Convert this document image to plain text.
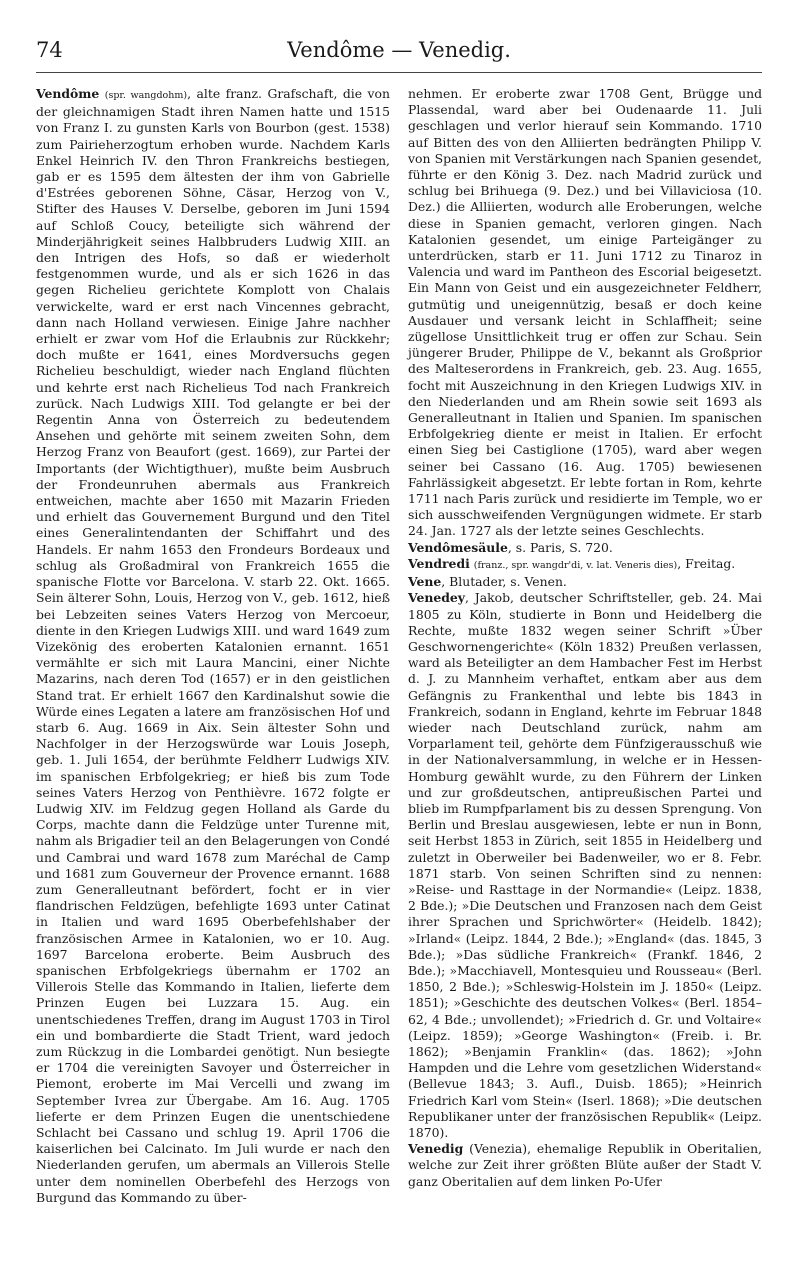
74	Vendôme — Venedig.

Vendôme (spr. wangdohm), alte franz. Grafschaft, die von der gleichnamigen Stadt ihren Namen hatte und 1515 von Franz I. zu gunsten Karls von Bourbon (gest. 1538) zum Pairieherzogtum erhoben wurde. Nachdem Karls Enkel Heinrich IV. den Thron Frankreichs bestiegen, gab er es 1595 dem ältesten der ihm von Gabrielle d'Estrées geborenen Söhne, Cäsar, Herzog von V., Stifter des Hauses V. Derselbe, geboren im Juni 1594 auf Schloß Coucy, beteiligte sich während der Minderjährigkeit seines Halbbruders Ludwig XIII. an den Intrigen des Hofs, so daß er wiederholt festgenommen wurde, und als er sich 1626 in das gegen Richelieu gerichtete Komplott von Chalais verwickelte, ward er erst nach Vincennes gebracht, dann nach Holland verwiesen. Einige Jahre nachher erhielt er zwar vom Hof die Erlaubnis zur Rückkehr; doch mußte er 1641, eines Mordversuchs gegen Richelieu beschuldigt, wieder nach England flüchten und kehrte erst nach Richelieus Tod nach Frankreich zurück. Nach Ludwigs XIII. Tod gelangte er bei der Regentin Anna von Österreich zu bedeutendem Ansehen und gehörte mit seinem zweiten Sohn, dem Herzog Franz von Beaufort (gest. 1669), zur Partei der Importants (der Wichtigthuer), mußte beim Ausbruch der Frondeunruhen abermals aus Frankreich entweichen, machte aber 1650 mit Mazarin Frieden und erhielt das Gouvernement Burgund und den Titel eines Generalintendanten der Schiffahrt und des Handels. Er nahm 1653 den Frondeurs Bordeaux und schlug als Großadmiral von Frankreich 1655 die spanische Flotte vor Barcelona. V. starb 22. Okt. 1665. Sein älterer Sohn, Louis, Herzog von V., geb. 1612, hieß bei Lebzeiten seines Vaters Herzog von Mercoeur, diente in den Kriegen Ludwigs XIII. und ward 1649 zum Vizekönig des eroberten Katalonien ernannt. 1651 vermählte er sich mit Laura Mancini, einer Nichte Mazarins, nach deren Tod (1657) er in den geistlichen Stand trat. Er erhielt 1667 den Kardinalshut sowie die Würde eines Legaten a latere am französischen Hof und starb 6. Aug. 1669 in Aix. Sein ältester Sohn und Nachfolger in der Herzogswürde war Louis Joseph, geb. 1. Juli 1654, der berühmte Feldherr Ludwigs XIV. im spanischen Erbfolgekrieg; er hieß bis zum Tode seines Vaters Herzog von Penthièvre. 1672 folgte er Ludwig XIV. im Feldzug gegen Holland als Garde du Corps, machte dann die Feldzüge unter Turenne mit, nahm als Brigadier teil an den Belagerungen von Condé und Cambrai und ward 1678 zum Maréchal de Camp und 1681 zum Gouverneur der Provence ernannt. 1688 zum Generalleutnant befördert, focht er in vier flandrischen Feldzügen, befehligte 1693 unter Catinat in Italien und ward 1695 Oberbefehlshaber der französischen Armee in Katalonien, wo er 10. Aug. 1697 Barcelona eroberte. Beim Ausbruch des spanischen Erbfolgekriegs übernahm er 1702 an Villerois Stelle das Kommando in Italien, lieferte dem Prinzen Eugen bei Luzzara 15. Aug. ein unentschiedenes Treffen, drang im August 1703 in Tirol ein und bombardierte die Stadt Trient, ward jedoch zum Rückzug in die Lombardei genötigt. Nun besiegte er 1704 die vereinigten Savoyer und Österreicher in Piemont, eroberte im Mai Vercelli und zwang im September Ivrea zur Übergabe. Am 16. Aug. 1705 lieferte er dem Prinzen Eugen die unentschiedene Schlacht bei Cassano und schlug 19. April 1706 die kaiserlichen bei Calcinato. Im Juli wurde er nach den Niederlanden gerufen, um abermals an Villerois Stelle unter dem nominellen Oberbefehl des Herzogs von Burgund das Kommando zu über-

nehmen. Er eroberte zwar 1708 Gent, Brügge und Plassendal, ward aber bei Oudenaarde 11. Juli geschlagen und verlor hierauf sein Kommando. 1710 auf Bitten des von den Alliierten bedrängten Philipp V. von Spanien mit Verstärkungen nach Spanien gesendet, führte er den König 3. Dez. nach Madrid zurück und schlug bei Brihuega (9. Dez.) und bei Villaviciosa (10. Dez.) die Alliierten, wodurch alle Eroberungen, welche diese in Spanien gemacht, verloren gingen. Nach Katalonien gesendet, um einige Parteigänger zu unterdrücken, starb er 11. Juni 1712 zu Tinaroz in Valencia und ward im Pantheon des Escorial beigesetzt. Ein Mann von Geist und ein ausgezeichneter Feldherr, gutmütig und uneigennützig, besaß er doch keine Ausdauer und versank leicht in Schlaffheit; seine zügellose Unsittlichkeit trug er offen zur Schau. Sein jüngerer Bruder, Philippe de V., bekannt als Großprior des Malteserordens in Frankreich, geb. 23. Aug. 1655, focht mit Auszeichnung in den Kriegen Ludwigs XIV. in den Niederlanden und am Rhein sowie seit 1693 als Generalleutnant in Italien und Spanien. Im spanischen Erbfolgekrieg diente er meist in Italien. Er erfocht einen Sieg bei Castiglione (1705), ward aber wegen seiner bei Cassano (16. Aug. 1705) bewiesenen Fahrlässigkeit abgesetzt. Er lebte fortan in Rom, kehrte 1711 nach Paris zurück und residierte im Temple, wo er sich ausschweifenden Vergnügungen widmete. Er starb 24. Jan. 1727 als der letzte seines Geschlechts.

Vendômesäule, s. Paris, S. 720.

Vendredi (franz., spr. wangdr'di, v. lat. Veneris dies), Freitag.

Vene, Blutader, s. Venen.

Venedey, Jakob, deutscher Schriftsteller, geb. 24. Mai 1805 zu Köln, studierte in Bonn und Heidelberg die Rechte, mußte 1832 wegen seiner Schrift »Über Geschwornengerichte« (Köln 1832) Preußen verlassen, ward als Beteiligter an dem Hambacher Fest im Herbst d. J. zu Mannheim verhaftet, entkam aber aus dem Gefängnis zu Frankenthal und lebte bis 1843 in Frankreich, sodann in England, kehrte im Februar 1848 wieder nach Deutschland zurück, nahm am Vorparlament teil, gehörte dem Fünfzigerausschuß wie in der Nationalversammlung, in welche er in Hessen-Homburg gewählt wurde, zu den Führern der Linken und zur großdeutschen, antipreußischen Partei und blieb im Rumpfparlament bis zu dessen Sprengung. Von Berlin und Breslau ausgewiesen, lebte er nun in Bonn, seit Herbst 1853 in Zürich, seit 1855 in Heidelberg und zuletzt in Oberweiler bei Badenweiler, wo er 8. Febr. 1871 starb. Von seinen Schriften sind zu nennen: »Reise- und Rasttage in der Normandie« (Leipz. 1838, 2 Bde.); »Die Deutschen und Franzosen nach dem Geist ihrer Sprachen und Sprichwörter« (Heidelb. 1842); »Irland« (Leipz. 1844, 2 Bde.); »England« (das. 1845, 3 Bde.); »Das südliche Frankreich« (Frankf. 1846, 2 Bde.); »Macchiavell, Montesquieu und Rousseau« (Berl. 1850, 2 Bde.); »Schleswig-Holstein im J. 1850« (Leipz. 1851); »Geschichte des deutschen Volkes« (Berl. 1854–62, 4 Bde.; unvollendet); »Friedrich d. Gr. und Voltaire« (Leipz. 1859); »George Washington« (Freib. i. Br. 1862); »Benjamin Franklin« (das. 1862); »John Hampden und die Lehre vom gesetzlichen Widerstand« (Bellevue 1843; 3. Aufl., Duisb. 1865); »Heinrich Friedrich Karl vom Stein« (Iserl. 1868); »Die deutschen Republikaner unter der französischen Republik« (Leipz. 1870).

Venedig (Venezia), ehemalige Republik in Oberitalien, welche zur Zeit ihrer größten Blüte außer der Stadt V. ganz Oberitalien auf dem linken Po-Ufer
